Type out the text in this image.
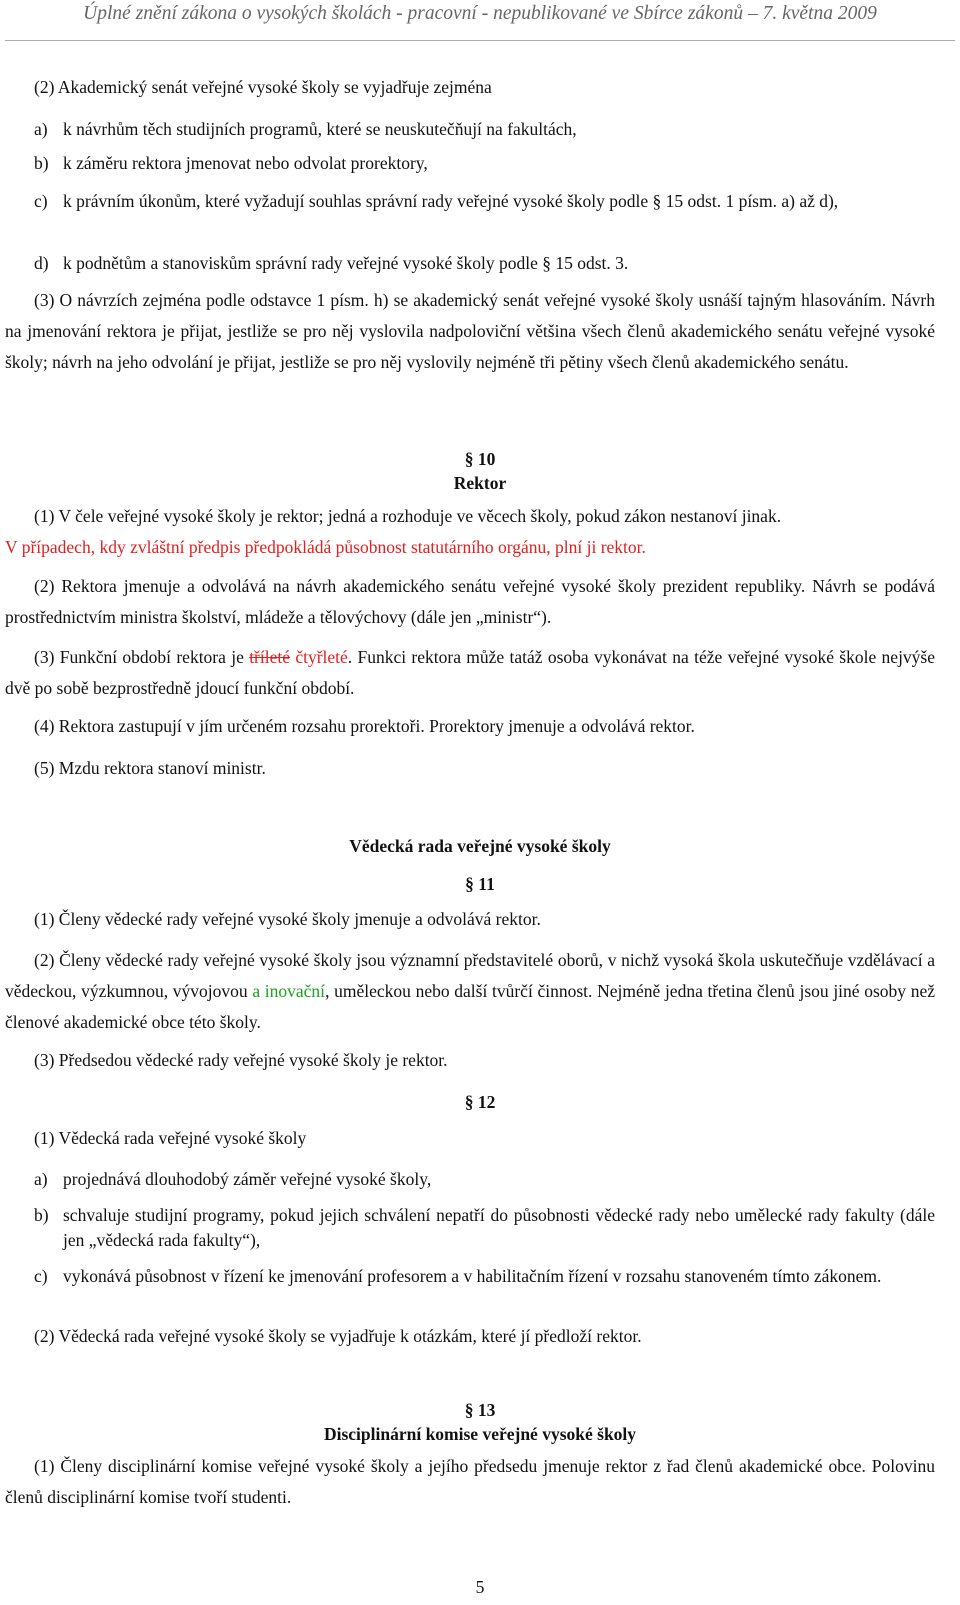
Úplné znění zákona o vysokých školách - pracovní - nepublikované ve Sbírce zákonů – 7. května 2009
(2) Akademický senát veřejné vysoké školy se vyjadřuje zejména
a) k návrhům těch studijních programů, které se neuskutečňují na fakultách,
b) k záměru rektora jmenovat nebo odvolat prorektory,
c) k právním úkonům, které vyžadují souhlas správní rady veřejné vysoké školy podle § 15 odst. 1 písm. a) až d),
d) k podnětům a stanoviskům správní rady veřejné vysoké školy podle § 15 odst. 3.
(3) O návrzích zejména podle odstavce 1 písm. h) se akademický senát veřejné vysoké školy usnáší tajným hlasováním. Návrh na jmenování rektora je přijat, jestliže se pro něj vyslovila nadpoloviční většina všech členů akademického senátu veřejné vysoké školy; návrh na jeho odvolání je přijat, jestliže se pro něj vyslovily nejméně tři pětiny všech členů akademického senátu.
§ 10
Rektor
(1) V čele veřejné vysoké školy je rektor; jedná a rozhoduje ve věcech školy, pokud zákon nestanoví jinak.
V případech, kdy zvláštní předpis předpokládá působnost statutárního orgánu, plní ji rektor.
(2) Rektora jmenuje a odvolává na návrh akademického senátu veřejné vysoké školy prezident republiky. Návrh se podává prostřednictvím ministra školství, mládeže a tělovýchovy (dále jen „ministr“).
(3) Funkční období rektora je tříleté čtyřleté. Funkci rektora může tatáž osoba vykonávat na téže veřejné vysoké škole nejvýše dvě po sobě bezprostředně jdoucí funkční období.
(4) Rektora zastupují v jím určeném rozsahu prorektoři. Prorektory jmenuje a odvolává rektor.
(5) Mzdu rektora stanoví ministr.
Vědecká rada veřejné vysoké školy
§ 11
(1) Členy vědecké rady veřejné vysoké školy jmenuje a odvolává rektor.
(2) Členy vědecké rady veřejné vysoké školy jsou významní představitelé oborů, v nichž vysoká škola uskutečňuje vzdělávací a vědeckou, výzkumnou, vývojovou a inovační, uměleckou nebo další tvůrčí činnost. Nejméně jedna třetina členů jsou jiné osoby než členové akademické obce této školy.
(3) Předsedou vědecké rady veřejné vysoké školy je rektor.
§ 12
(1) Vědecká rada veřejné vysoké školy
a) projednává dlouhodobý záměr veřejné vysoké školy,
b) schvaluje studijní programy, pokud jejich schválení nepatří do působnosti vědecké rady nebo umělecké rady fakulty (dále jen „vědecká rada fakulty“),
c) vykonává působnost v řízení ke jmenování profesorem a v habilitačním řízení v rozsahu stanoveném tímto zákonem.
(2) Vědecká rada veřejné vysoké školy se vyjadřuje k otázkám, které jí předloží rektor.
§ 13
Disciplinární komise veřejné vysoké školy
(1) Členy disciplinární komise veřejné vysoké školy a jejího předsedu jmenuje rektor z řad členů akademické obce. Polovinu členů disciplinární komise tvoří studenti.
5
